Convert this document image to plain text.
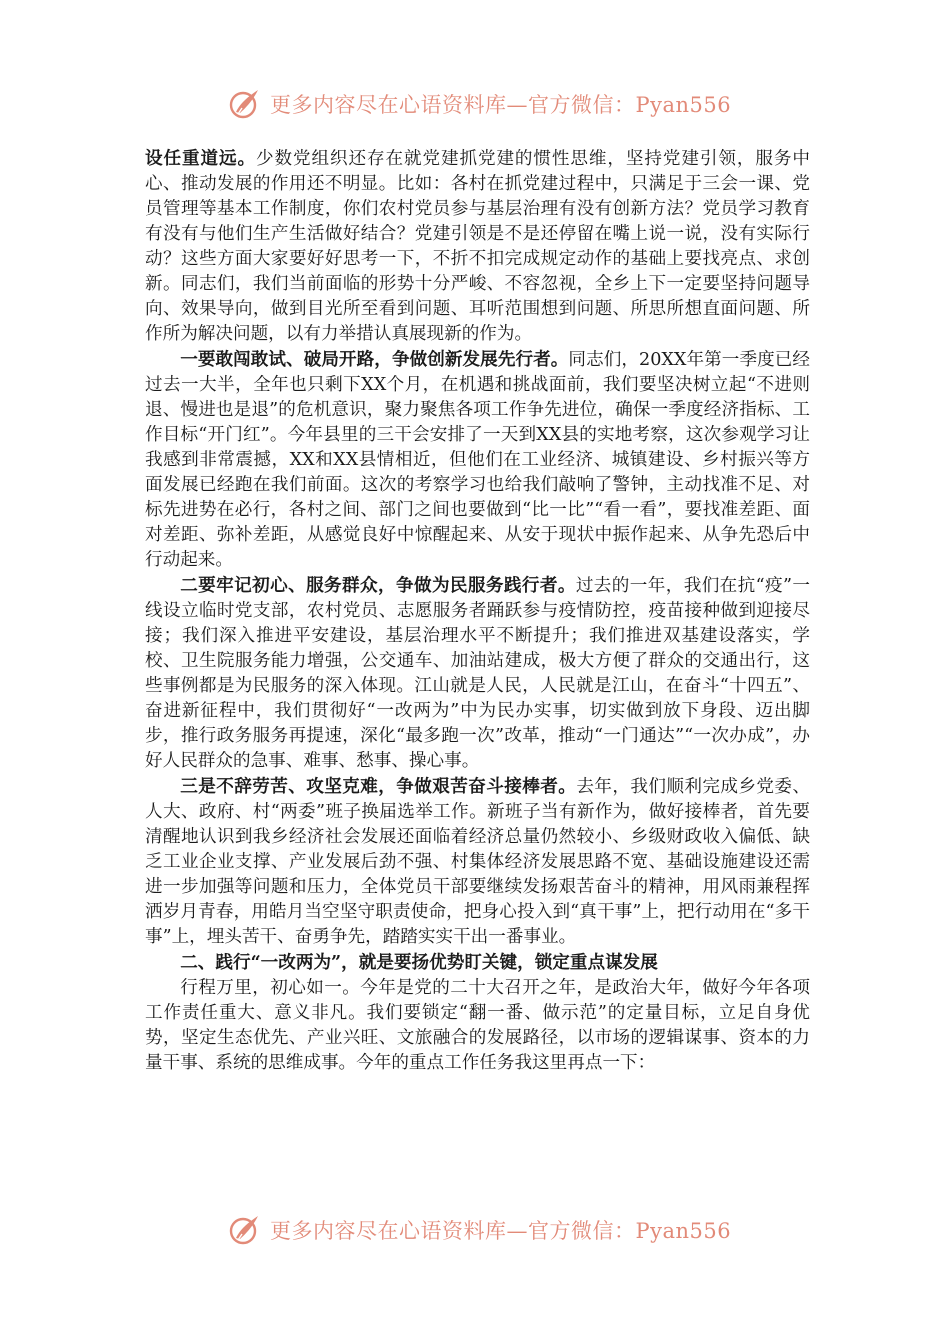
更多内容尽在心语资料库—官方微信：Pyan556

设任重道远。少数党组织还存在就党建抓党建的惯性思维，坚持党建引领，服务中心、推动发展的作用还不明显。比如：各村在抓党建过程中，只满足于三会一课、党员管理等基本工作制度，你们农村党员参与基层治理有没有创新方法？党员学习教育有没有与他们生产生活做好结合？党建引领是不是还停留在嘴上说一说，没有实际行动？这些方面大家要好好思考一下，不折不扣完成规定动作的基础上要找亮点、求创新。同志们，我们当前面临的形势十分严峻、不容忽视，全乡上下一定要坚持问题导向、效果导向，做到目光所至看到问题、耳听范围想到问题、所思所想直面问题、所作所为解决问题，以有力举措认真展现新的作为。

一要敢闯敢试、破局开路，争做创新发展先行者。同志们，20XX年第一季度已经过去一大半，全年也只剩下XX个月，在机遇和挑战面前，我们要坚决树立起“不进则退、慢进也是退”的危机意识，聚力聚焦各项工作争先进位，确保一季度经济指标、工作目标“开门红”。今年县里的三干会安排了一天到XX县的实地考察，这次参观学习让我感到非常震撼，XX和XX县情相近，但他们在工业经济、城镇建设、乡村振兴等方面发展已经跑在我们前面。这次的考察学习也给我们敲响了警钟，主动找准不足、对标先进势在必行，各村之间、部门之间也要做到“比一比”“看一看”，要找准差距、面对差距、弥补差距，从感觉良好中惊醒起来、从安于现状中振作起来、从争先恐后中行动起来。

二要牢记初心、服务群众，争做为民服务践行者。过去的一年，我们在抗“疫”一线设立临时党支部，农村党员、志愿服务者踊跃参与疫情防控，疫苗接种做到迎接尽接；我们深入推进平安建设，基层治理水平不断提升；我们推进双基建设落实，学校、卫生院服务能力增强，公交通车、加油站建成，极大方便了群众的交通出行，这些事例都是为民服务的深入体现。江山就是人民，人民就是江山，在奋斗“十四五”、奋进新征程中，我们贯彻好“一改两为”中为民办实事，切实做到放下身段、迈出脚步，推行政务服务再提速，深化“最多跑一次”改革，推动“一门通达”“一次办成”，办好人民群众的急事、难事、愁事、操心事。

三是不辞劳苦、攻坚克难，争做艰苦奋斗接棒者。去年，我们顺利完成乡党委、人大、政府、村“两委”班子换届选举工作。新班子当有新作为，做好接棒者，首先要清醒地认识到我乡经济社会发展还面临着经济总量仍然较小、乡级财政收入偏低、缺乏工业企业支撑、产业发展后劲不强、村集体经济发展思路不宽、基础设施建设还需进一步加强等问题和压力，全体党员干部要继续发扬艰苦奋斗的精神，用风雨兼程挥洒岁月青春，用皓月当空坚守职责使命，把身心投入到“真干事”上，把行动用在“多干事”上，埋头苦干、奋勇争先，踏踏实实干出一番事业。

二、践行“一改两为”，就是要扬优势盯关键，锁定重点谋发展

行程万里，初心如一。今年是党的二十大召开之年，是政治大年，做好今年各项工作责任重大、意义非凡。我们要锁定“翻一番、做示范”的定量目标，立足自身优势，坚定生态优先、产业兴旺、文旅融合的发展路径，以市场的逻辑谋事、资本的力量干事、系统的思维成事。今年的重点工作任务我这里再点一下：

更多内容尽在心语资料库—官方微信：Pyan556
